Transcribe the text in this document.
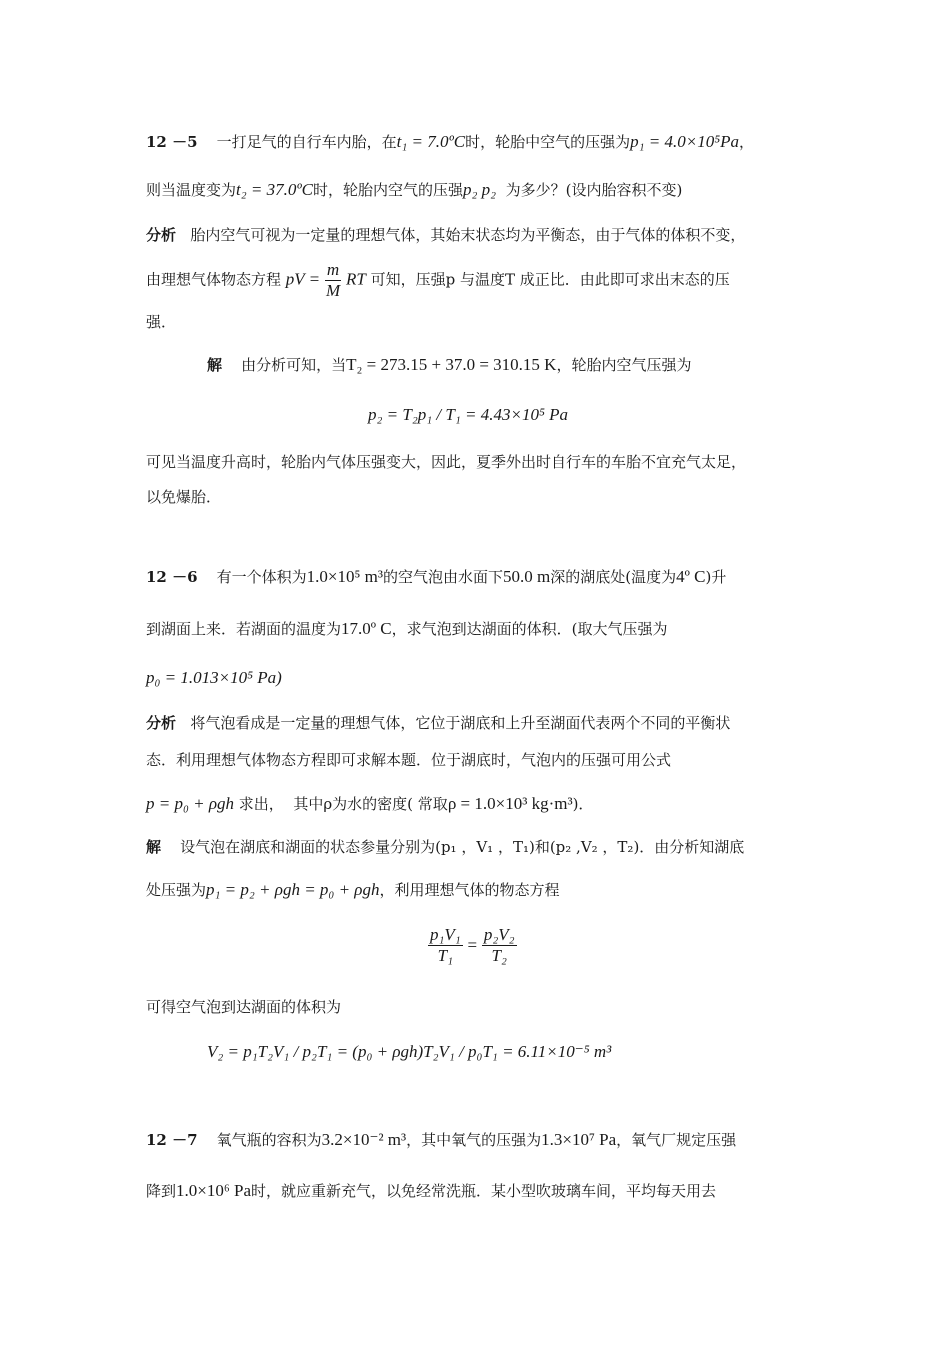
12 －5 一打足气的自行车内胎，在t₁ = 7.0ºC时，轮胎中空气的压强为p₁ = 4.0×10⁵Pa，
则当温度变为t₂ = 37.0ºC时，轮胎内空气的压强p₂ p₂ 为多少？(设内胎容积不变)
分析 胎内空气可视为一定量的理想气体，其始末状态均为平衡态，由于气体的体积不变，
由理想气体物态方程 pV = $\frac{m}{M}$ RT 可知，压强p 与温度T 成正比．由此即可求出末态的压
强．
解 由分析可知，当T₂ = 273.15 + 37.0 = 310.15 K，轮胎内空气压强为
p₂ = T₂p₁ / T₁ = 4.43×10⁵ Pa
可见当温度升高时，轮胎内气体压强变大，因此，夏季外出时自行车的车胎不宜充气太足，
以免爆胎．
12 －6 有一个体积为1.0×10⁵ m³的空气泡由水面下50.0 m深的湖底处(温度为4º C)升
到湖面上来．若湖面的温度为17.0º C，求气泡到达湖面的体积．(取大气压强为
p₀ = 1.013×10⁵ Pa)
分析 将气泡看成是一定量的理想气体，它位于湖底和上升至湖面代表两个不同的平衡状
态．利用理想气体物态方程即可求解本题．位于湖底时，气泡内的压强可用公式
p = p₀ + ρgh 求出， 其中ρ为水的密度( 常取ρ = 1.0×10³ kg·m³)．
解 设气泡在湖底和湖面的状态参量分别为(p₁ ，V₁ ，T₁)和(p₂ ,V₂ ，T₂)．由分析知湖底
处压强为p₁ = p₂ + ρgh = p₀ + ρgh，利用理想气体的物态方程
$\frac{\text{p₁V₁}}{\text{T₁}} = \frac{\text{p₂V₂}}{\text{T₂}}$
可得空气泡到达湖面的体积为
V₂ = p₁T₂V₁ / p₂T₁ = (p₀ + ρgh)T₂V₁ / p₀T₁ = 6.11×10⁻⁵ m³
12 －7 氧气瓶的容积为3.2×10⁻² m³，其中氧气的压强为1.3×10⁷ Pa，氧气厂规定压强
降到1.0×10⁶ Pa时，就应重新充气，以免经常洗瓶．某小型吹玻璃车间，平均每天用去
